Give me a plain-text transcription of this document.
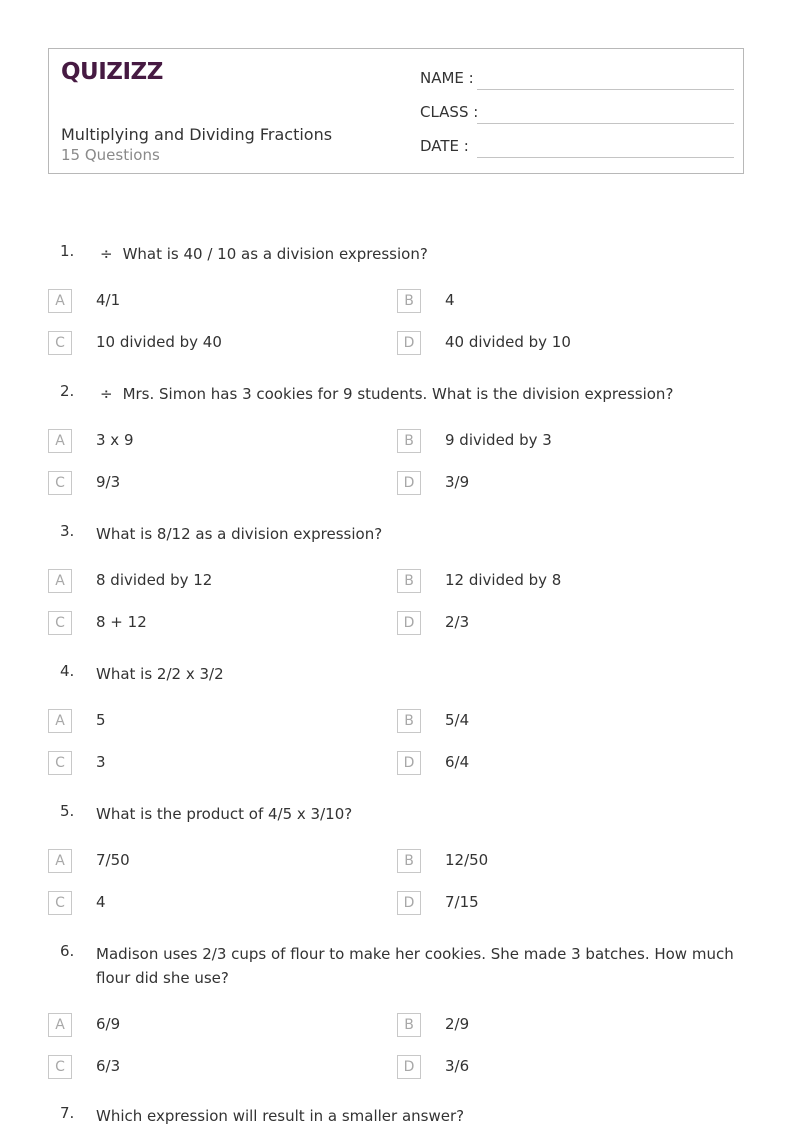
QUIZIZZ
Multiplying and Dividing Fractions
15 Questions
NAME :
CLASS :
DATE :
1. ÷ What is 40 / 10 as a division expression?
A	4/1	B	4
C	10 divided by 40	D	40 divided by 10
2. ÷ Mrs. Simon has 3 cookies for 9 students. What is the division expression?
A	3 x 9	B	9 divided by 3
C	9/3	D	3/9
3. What is 8/12 as a division expression?
A	8 divided by 12	B	12 divided by 8
C	8 + 12	D	2/3
4. What is 2/2 x 3/2
A	5	B	5/4
C	3	D	6/4
5. What is the product of 4/5 x 3/10?
A	7/50	B	12/50
C	4	D	7/15
6. Madison uses 2/3 cups of flour to make her cookies. She made 3 batches. How much flour did she use?
A	6/9	B	2/9
C	6/3	D	3/6
7. Which expression will result in a smaller answer?
